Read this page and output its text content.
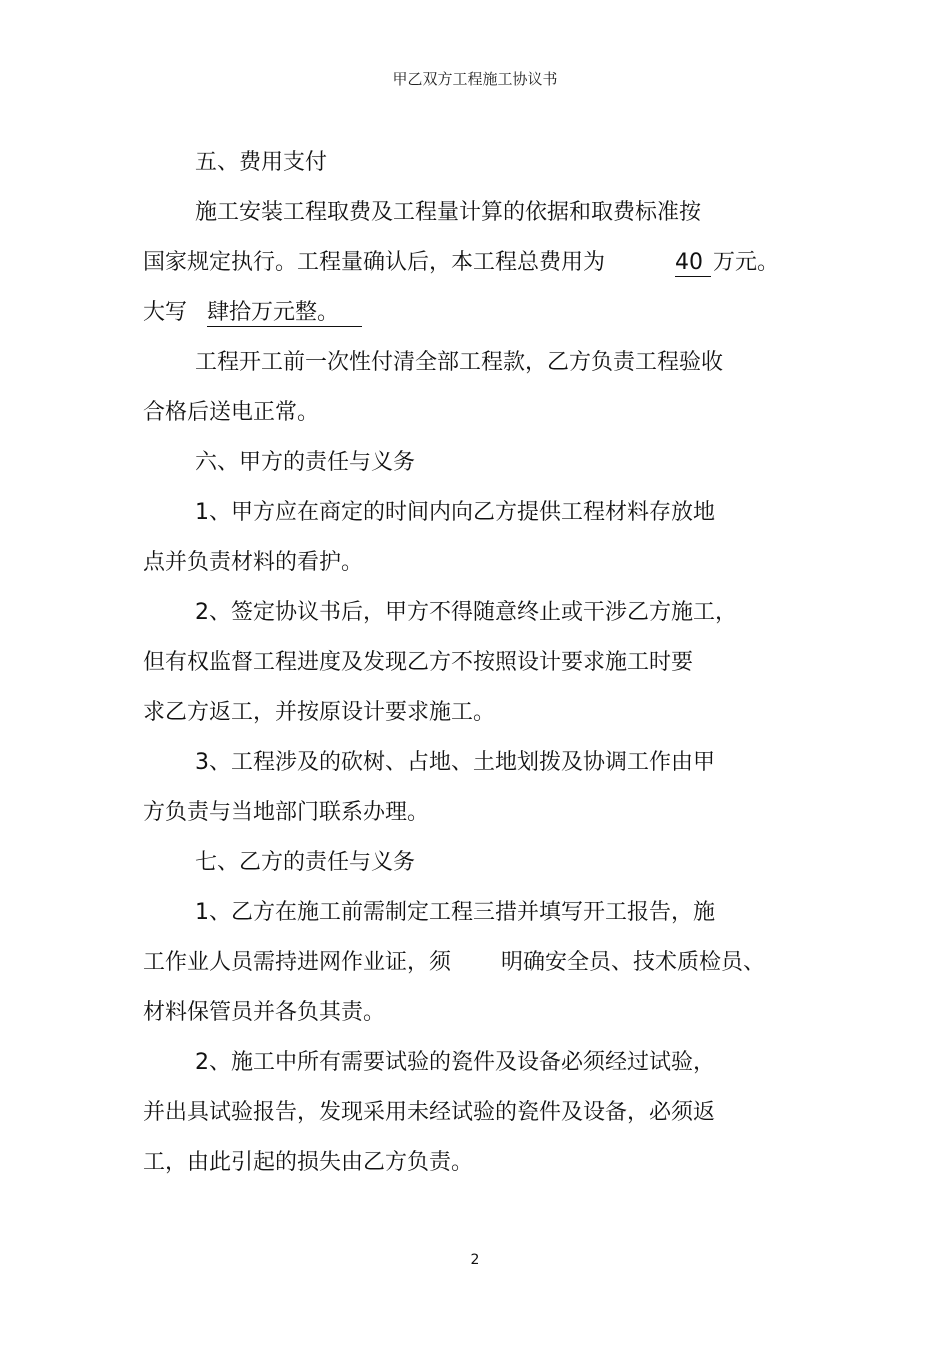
甲乙双方工程施工协议书
五、费用支付
施工安装工程取费及工程量计算的依据和取费标准按
国家规定执行。工程量确认后，本工程总费用为	40 万元。
大写 肆拾万元整。
工程开工前一次性付清全部工程款，乙方负责工程验收
合格后送电正常。
六、甲方的责任与义务
1、甲方应在商定的时间内向乙方提供工程材料存放地
点并负责材料的看护。
2、签定协议书后，甲方不得随意终止或干涉乙方施工，
但有权监督工程进度及发现乙方不按照设计要求施工时要
求乙方返工，并按原设计要求施工。
3、工程涉及的砍树、占地、土地划拨及协调工作由甲
方负责与当地部门联系办理。
七、乙方的责任与义务
1、乙方在施工前需制定工程三措并填写开工报告，施
工作业人员需持进网作业证，须 明确安全员、技术质检员、
材料保管员并各负其责。
2、施工中所有需要试验的瓷件及设备必须经过试验，
并出具试验报告，发现采用未经试验的瓷件及设备，必须返
工，由此引起的损失由乙方负责。
2
